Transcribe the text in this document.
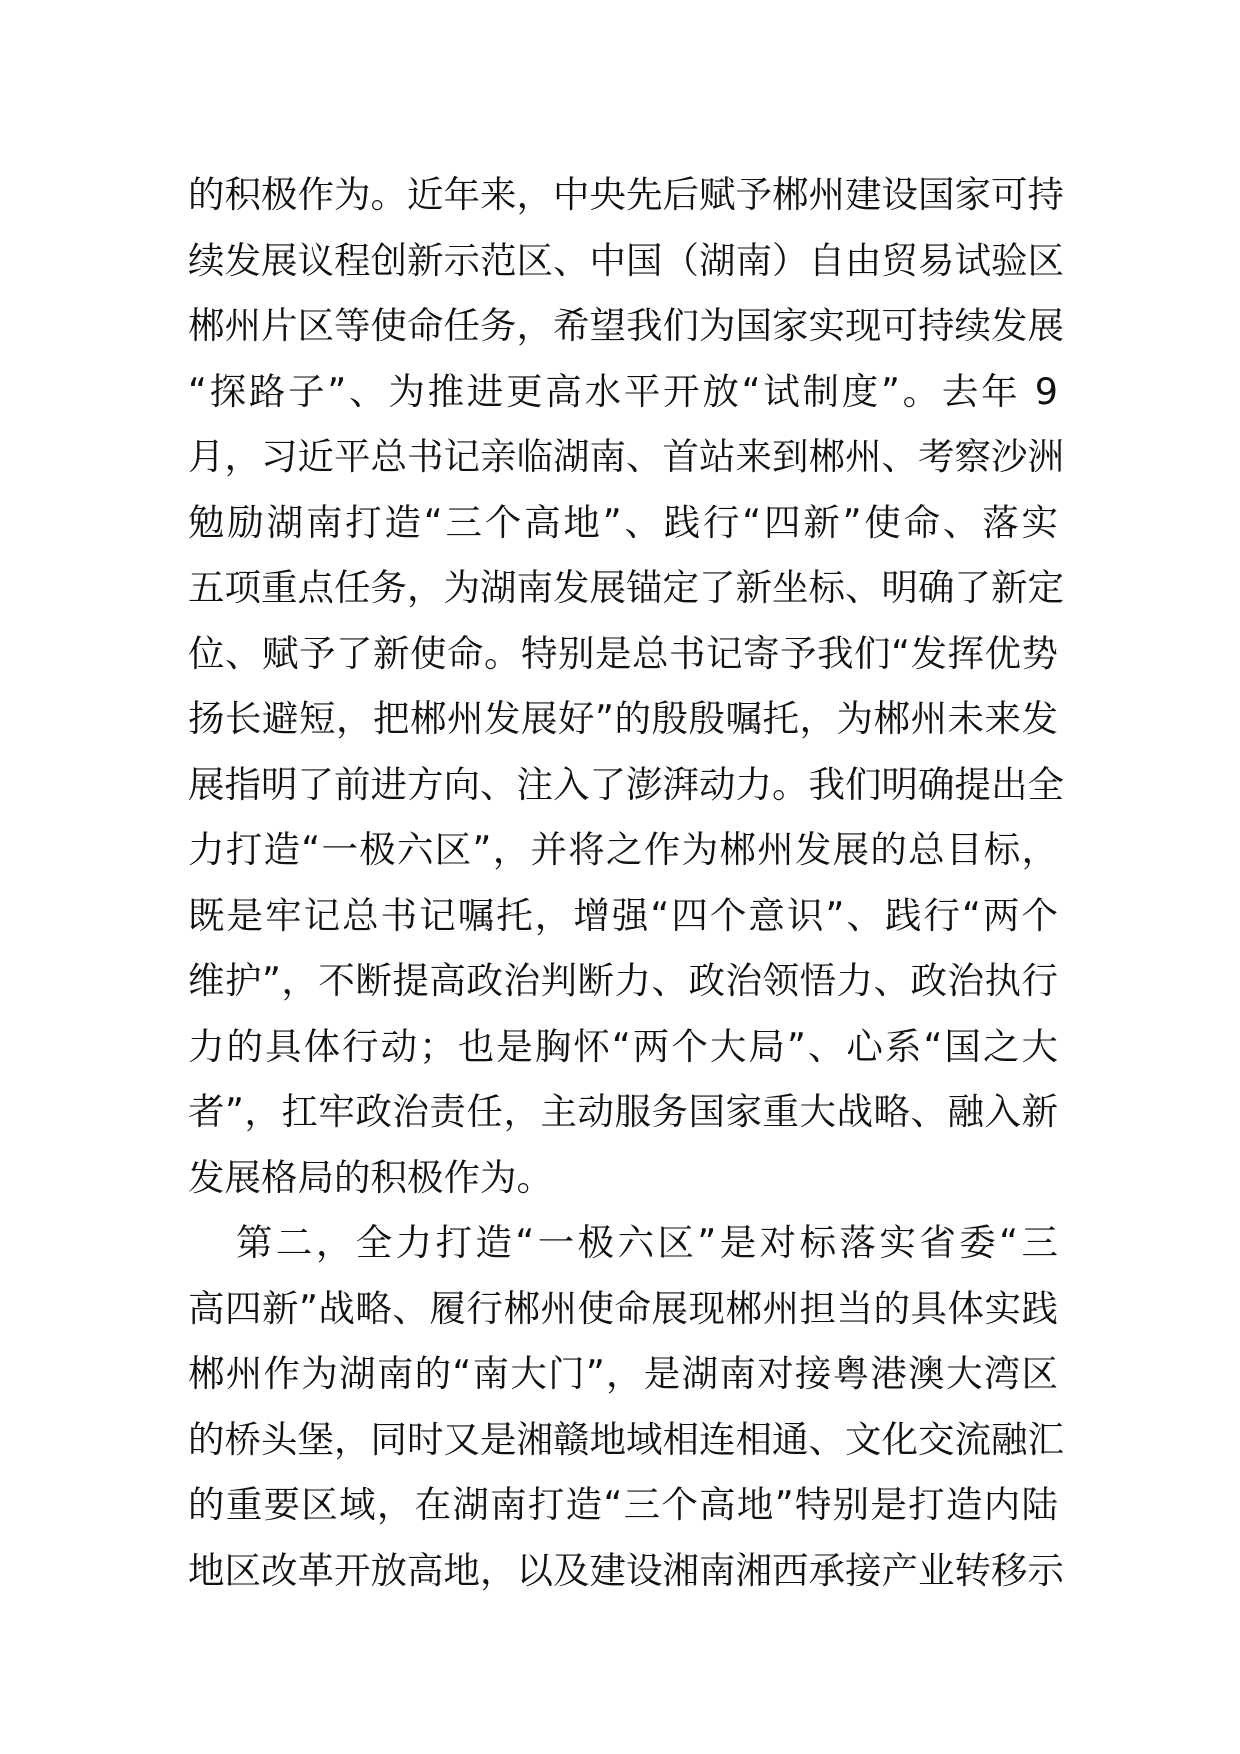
的积极作为。近年来，中央先后赋予郴州建设国家可持
续发展议程创新示范区、中国（湖南）自由贸易试验区
郴州片区等使命任务，希望我们为国家实现可持续发展
“探路子”、为推进更高水平开放“试制度”。去年 9
月，习近平总书记亲临湖南、首站来到郴州、考察沙洲
勉励湖南打造“三个高地”、践行“四新”使命、落实
五项重点任务，为湖南发展锚定了新坐标、明确了新定
位、赋予了新使命。特别是总书记寄予我们“发挥优势
扬长避短，把郴州发展好”的殷殷嘱托，为郴州未来发
展指明了前进方向、注入了澎湃动力。我们明确提出全
力打造“一极六区”，并将之作为郴州发展的总目标，
既是牢记总书记嘱托，增强“四个意识”、践行“两个
维护”，不断提高政治判断力、政治领悟力、政治执行
力的具体行动；也是胸怀“两个大局”、心系“国之大
者”，扛牢政治责任，主动服务国家重大战略、融入新
发展格局的积极作为。
第二，全力打造“一极六区”是对标落实省委“三
高四新”战略、履行郴州使命展现郴州担当的具体实践
郴州作为湖南的“南大门”，是湖南对接粤港澳大湾区
的桥头堡，同时又是湘赣地域相连相通、文化交流融汇
的重要区域，在湖南打造“三个高地”特别是打造内陆
地区改革开放高地，以及建设湘南湘西承接产业转移示
